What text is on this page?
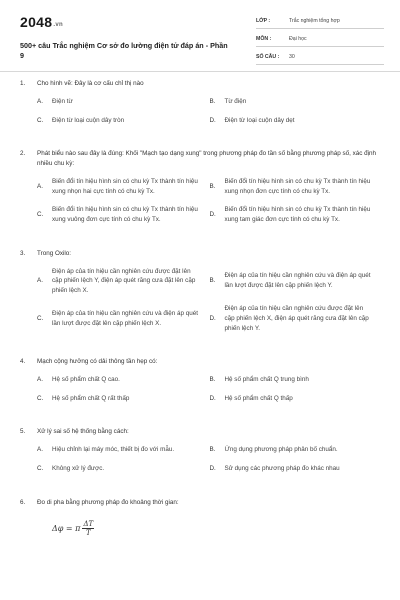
2048.vn
500+ câu Trắc nghiệm Cơ sở đo lường điện tử đáp án - Phần 9
LỚP :	Trắc nghiệm tổng hợp
MÔN :	Đại học
SỐ CÂU :	30
1.	Cho hình vẽ: Đây là cơ cấu chỉ thị nào
A.	Điện từ	B.	Từ điện
C.	Điện từ loại cuộn dây tròn	D.	Điện từ loại cuộn dây dẹt
2.	Phát biểu nào sau đây là đúng: Khối "Mạch tạo dạng xung" trong phương pháp đo tần số bằng phương pháp số, xác định nhiều chu kỳ:
A.
Biến đổi tín hiệu hình sin có chu kỳ Tx thành tín hiệu xung nhọn hai cực tính có chu kỳ Tx.
B.
Biến đổi tín hiệu hình sin có chu kỳ Tx thành tín hiệu xung nhọn đơn cực tính có chu kỳ Tx.
C.
Biến đổi tín hiệu hình sin có chu kỳ Tx thành tín hiệu xung vuông đơn cực tính có chu kỳ Tx.
D.
Biến đổi tín hiệu hình sin có chu kỳ Tx thành tín hiệu xung tam giác đơn cực tính có chu kỳ Tx.
3.	Trong Oxilo:
A.
Điện áp của tín hiệu cần nghiên cứu được đặt lên cặp phiến lệch Y, điện áp quét răng cưa đặt lên cặp phiến lệch X.
B.
Điện áp của tín hiệu cần nghiên cứu và điện áp quét lần lượt được đặt lên cặp phiến lệch Y.
C.
Điện áp của tín hiệu cần nghiên cứu và điện áp quét lần lượt được đặt lên cặp phiến lệch X.
D.
Điện áp của tín hiệu cần nghiên cứu được đặt lên cặp phiến lệch X, điện áp quét răng cưa đặt lên cặp phiến lệch Y.
4.	Mạch cộng hưởng có dải thông tần hẹp có:
A.	Hệ số phẩm chất Q cao.	B.	Hệ số phẩm chất Q trung bình
C.	Hệ số phẩm chất Q rất thấp	D.	Hệ số phẩm chất Q thấp
5.	Xử lý sai số hệ thống bằng cách:
A.	Hiệu chỉnh lại máy móc, thiết bị đo với mẫu.	B.	Ứng dụng phương pháp phân bố chuẩn.
C.	Không xử lý được.	D.	Sử dụng các phương pháp đo khác nhau
6.	Đo di pha bằng phương pháp đo khoảng thời gian:
Δφ = π $\frac{\Delta T}{T}$
